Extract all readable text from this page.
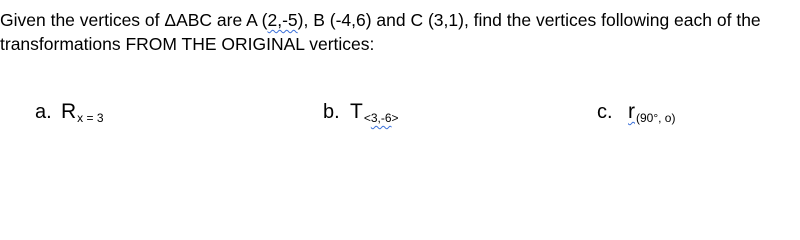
Given the vertices of ΔABC are A (2,-5), B (-4,6) and C (3,1), find the vertices following each of the transformations FROM THE ORIGINAL vertices:

a. $R_{x = 3}$	b. $T_{<3,-6>}$	c. $r_{(90^\circ, o)}$
